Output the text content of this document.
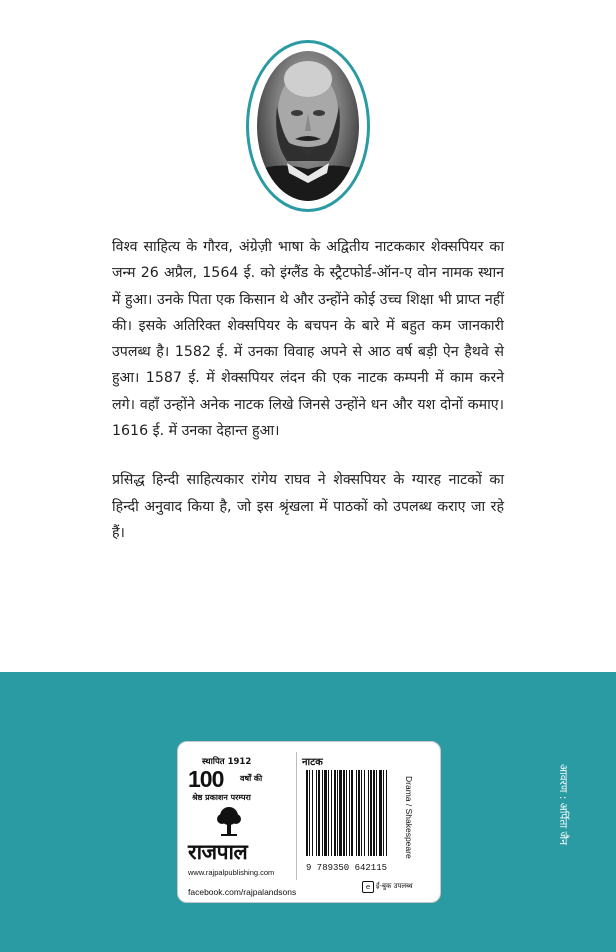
विश्व साहित्य के गौरव, अंग्रेज़ी भाषा के अद्वितीय नाटककार शेक्सपियर का जन्म 26 अप्रैल, 1564 ई. को इंग्लैंड के स्ट्रैटफोर्ड-ऑन-ए वोन नामक स्थान में हुआ। उनके पिता एक किसान थे और उन्होंने कोई उच्च शिक्षा भी प्राप्त नहीं की। इसके अतिरिक्त शेक्सपियर के बचपन के बारे में बहुत कम जानकारी उपलब्ध है। 1582 ई. में उनका विवाह अपने से आठ वर्ष बड़ी ऐन हैथवे से हुआ। 1587 ई. में शेक्सपियर लंदन की एक नाटक कम्पनी में काम करने लगे। वहाँ उन्होंने अनेक नाटक लिखे जिनसे उन्होंने धन और यश दोनों कमाए। 1616 ई. में उनका देहान्त हुआ।

प्रसिद्ध हिन्दी साहित्यकार रांगेय राघव ने शेक्सपियर के ग्यारह नाटकों का हिन्दी अनुवाद किया है, जो इस श्रृंखला में पाठकों को उपलब्ध कराए जा रहे हैं।

स्थापित 1912
100 वर्षों की
श्रेष्ठ प्रकाशन परम्परा
राजपाल
www.rajpalpublishing.com
facebook.com/rajpalandsons
नाटक
9 789350 642115
Drama / Shakespeare
e ई-बुक उपलब्ध
आवरण : अर्पिता जैन
